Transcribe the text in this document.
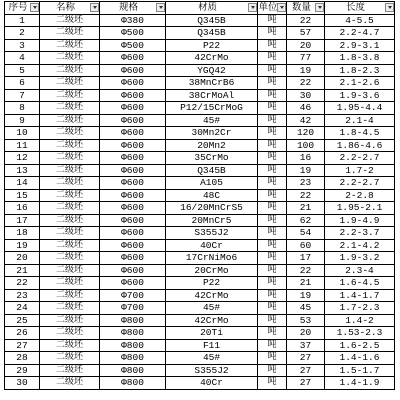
序号	名称	规格	材质	单位	数量	长度

1	二级坯	Φ380	Q345B	吨	22	4-5.5
2	二级坯	Φ500	Q345B	吨	57	2.2-4.7
3	二级坯	Φ500	P22	吨	20	2.9-3.1
4	二级坯	Φ600	42CrMo	吨	77	1.8-3.8
5	二级坯	Φ600	YGQ42	吨	19	1.8-2.3
6	二级坯	Φ600	38MnCrB6	吨	22	2.1-2.6
7	二级坯	Φ600	38CrMoAl	吨	30	1.9-3.6
8	二级坯	Φ600	P12/15CrMoG	吨	46	1.95-4.4
9	二级坯	Φ600	45#	吨	42	2.1-4
10	二级坯	Φ600	30Mn2Cr	吨	120	1.8-4.5
11	二级坯	Φ600	20Mn2	吨	100	1.86-4.6
12	二级坯	Φ600	35CrMo	吨	16	2.2-2.7
13	二级坯	Φ600	Q345B	吨	19	1.7-2
14	二级坯	Φ600	A105	吨	23	2.2-2.7
15	二级坯	Φ600	48C	吨	22	2-2.8
16	二级坯	Φ600	16/20MnCrS5	吨	21	1.95-2.1
17	二级坯	Φ600	20MnCr5	吨	62	1.9-4.9
18	二级坯	Φ600	S355J2	吨	54	2.2-3.7
19	二级坯	Φ600	40Cr	吨	60	2.1-4.2
20	二级坯	Φ600	17CrNiMo6	吨	17	1.9-3.2
21	二级坯	Φ600	20CrMo	吨	22	2.3-4
22	二级坯	Φ600	P22	吨	21	1.6-4.5
23	二级坯	Φ700	42CrMo	吨	19	1.4-1.7
24	二级坯	Φ700	45#	吨	45	1.7-2.3
25	二级坯	Φ800	42CrMo	吨	53	1.4-2
26	二级坯	Φ800	20Ti	吨	20	1.53-2.3
27	二级坯	Φ800	F11	吨	37	1.6-2.5
28	二级坯	Φ800	45#	吨	27	1.4-1.6
29	二级坯	Φ800	S355J2	吨	27	1.5-1.7
30	二级坯	Φ800	40Cr	吨	27	1.4-1.9
